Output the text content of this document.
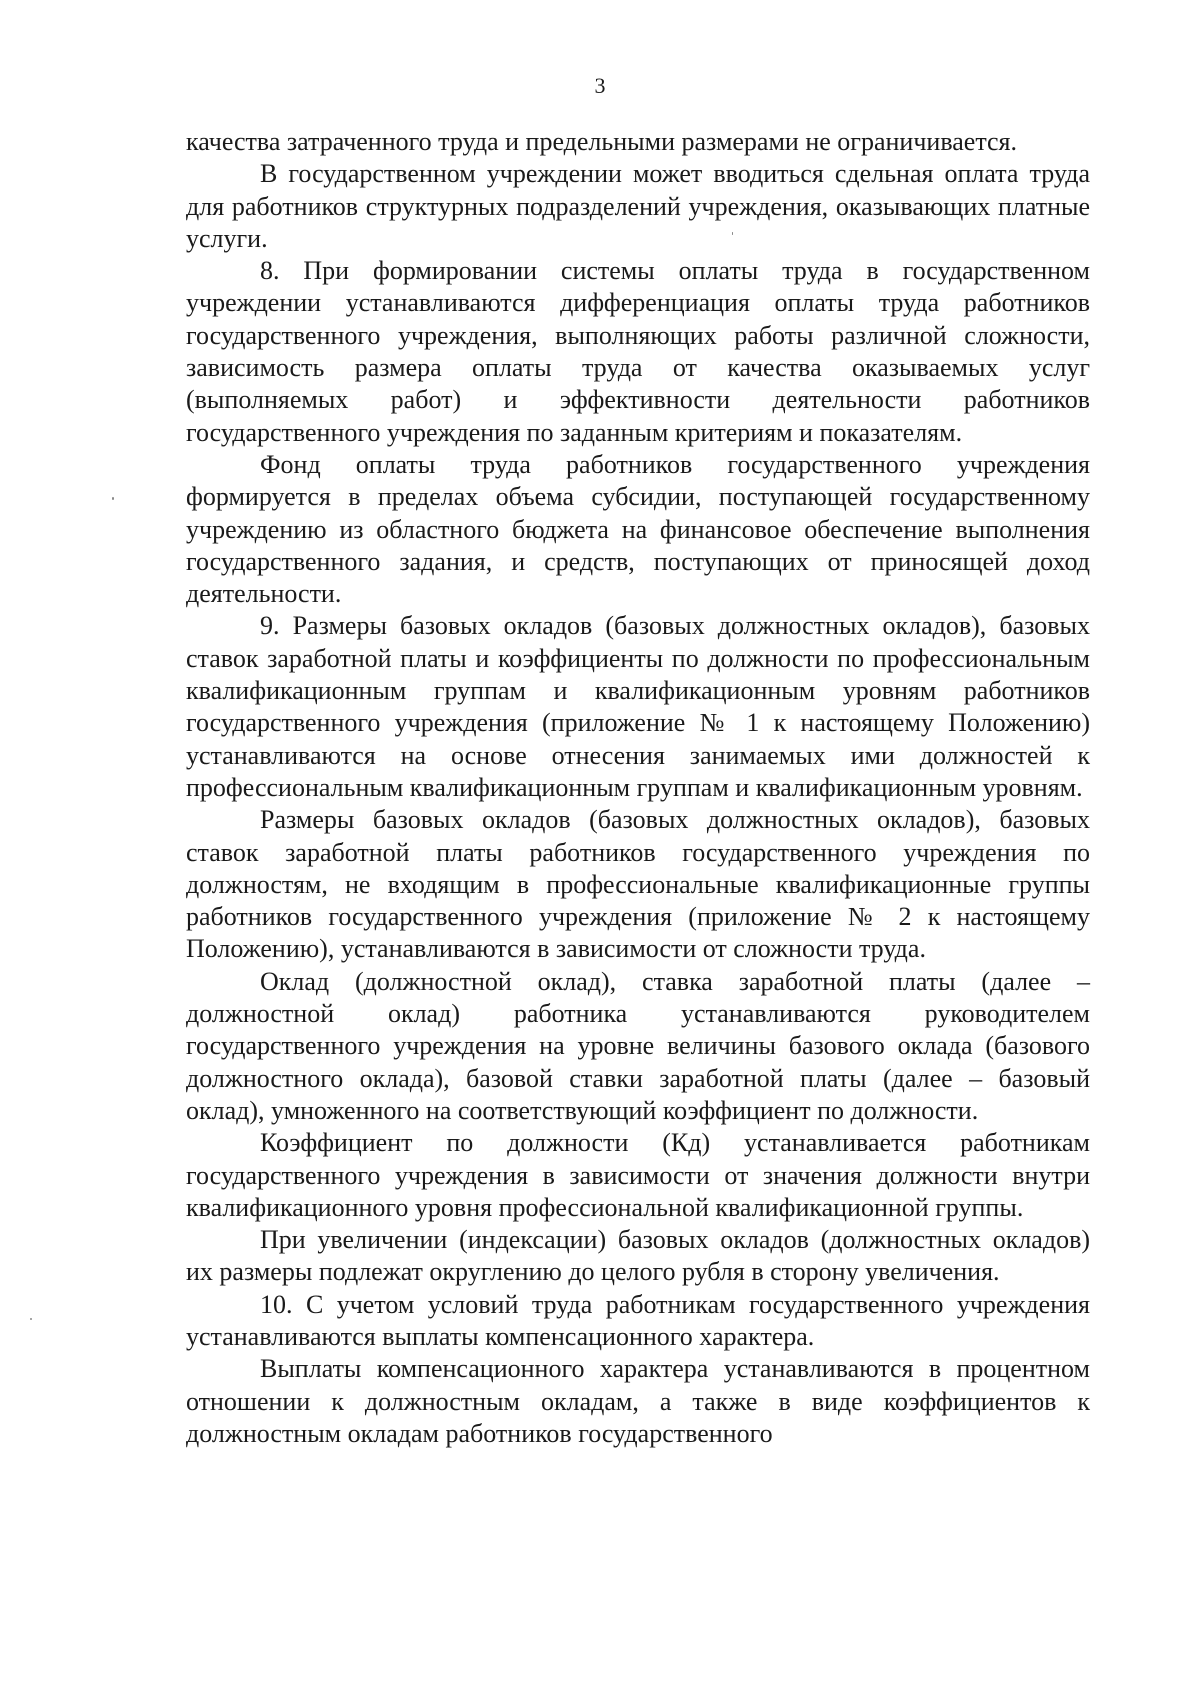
3

качества затраченного труда и предельными размерами не ограничивается.

В государственном учреждении может вводиться сдельная оплата труда для работников структурных подразделений учреждения, оказывающих платные услуги.

8. При формировании системы оплаты труда в государственном учреждении устанавливаются дифференциация оплаты труда работников государственного учреждения, выполняющих работы различной сложности, зависимость размера оплаты труда от качества оказываемых услуг (выполняемых работ) и эффективности деятельности работников государственного учреждения по заданным критериям и показателям.

Фонд оплаты труда работников государственного учреждения формируется в пределах объема субсидии, поступающей государственному учреждению из областного бюджета на финансовое обеспечение выполнения государственного задания, и средств, поступающих от приносящей доход деятельности.

9. Размеры базовых окладов (базовых должностных окладов), базовых ставок заработной платы и коэффициенты по должности по профессиональным квалификационным группам и квалификационным уровням работников государственного учреждения (приложение № 1 к настоящему Положению) устанавливаются на основе отнесения занимаемых ими должностей к профессиональным квалификационным группам и квалификационным уровням.

Размеры базовых окладов (базовых должностных окладов), базовых ставок заработной платы работников государственного учреждения по должностям, не входящим в профессиональные квалификационные группы работников государственного учреждения (приложение № 2 к настоящему Положению), устанавливаются в зависимости от сложности труда.

Оклад (должностной оклад), ставка заработной платы (далее – должностной оклад) работника устанавливаются руководителем государственного учреждения на уровне величины базового оклада (базового должностного оклада), базовой ставки заработной платы (далее – базовый оклад), умноженного на соответствующий коэффициент по должности.

Коэффициент по должности (Кд) устанавливается работникам государственного учреждения в зависимости от значения должности внутри квалификационного уровня профессиональной квалификационной группы.

При увеличении (индексации) базовых окладов (должностных окладов) их размеры подлежат округлению до целого рубля в сторону увеличения.

10. С учетом условий труда работникам государственного учреждения устанавливаются выплаты компенсационного характера.

Выплаты компенсационного характера устанавливаются в процентном отношении к должностным окладам, а также в виде коэффициентов к должностным окладам работников государственного
